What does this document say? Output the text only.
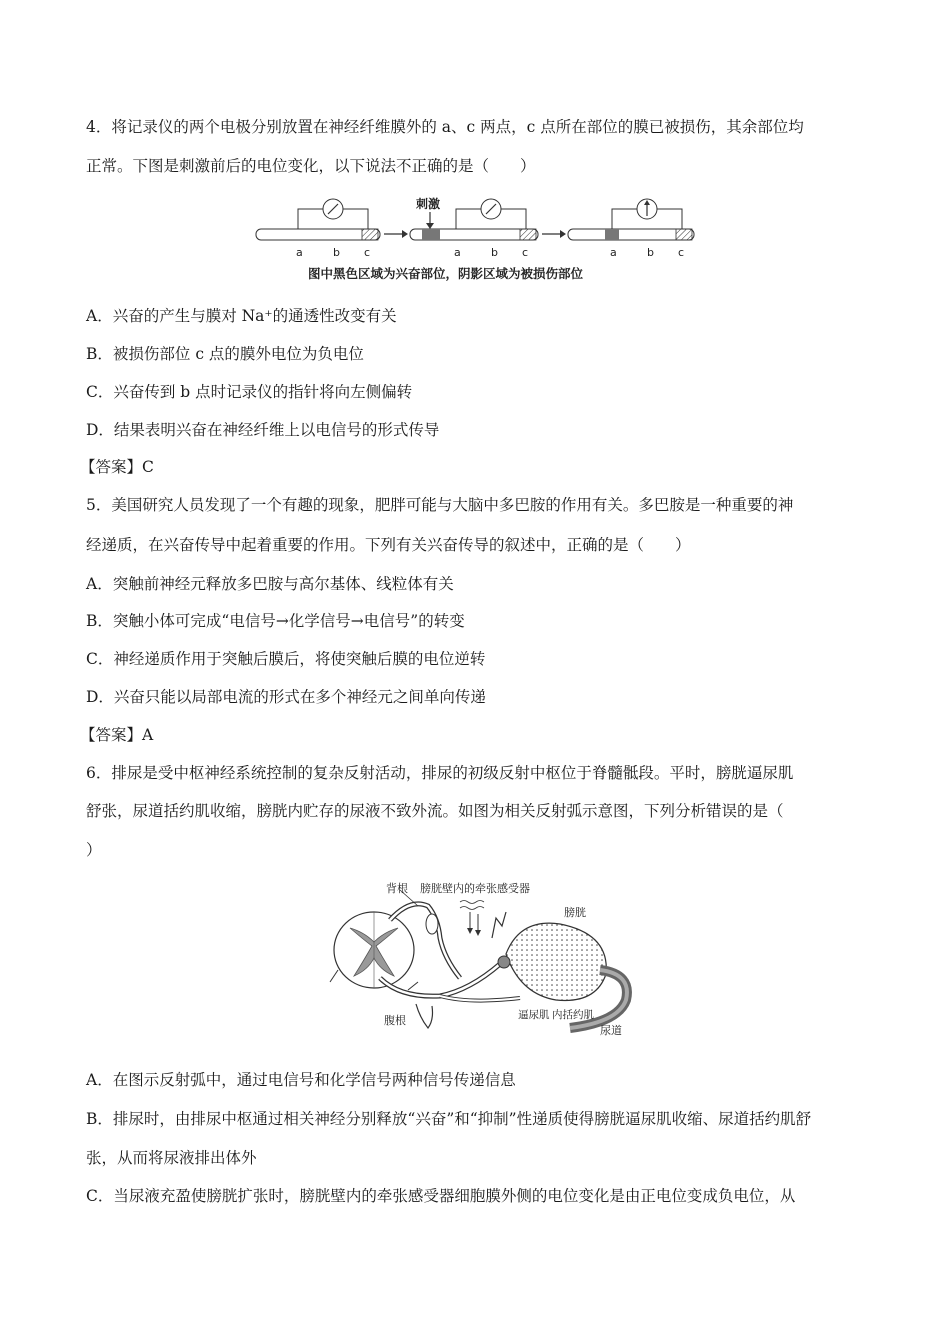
4．将记录仪的两个电极分别放置在神经纤维膜外的 a、c 两点，c 点所在部位的膜已被损伤，其余部位均
正常。下图是刺激前后的电位变化，以下说法不正确的是（　　）
a	b c
刺激
a	b c	a	b c
图中黑色区域为兴奋部位，阴影区域为被损伤部位
A．兴奋的产生与膜对 Na⁺的通透性改变有关
B．被损伤部位 c 点的膜外电位为负电位
C．兴奋传到 b 点时记录仪的指针将向左侧偏转
D．结果表明兴奋在神经纤维上以电信号的形式传导
【答案】C
5．美国研究人员发现了一个有趣的现象，肥胖可能与大脑中多巴胺的作用有关。多巴胺是一种重要的神
经递质，在兴奋传导中起着重要的作用。下列有关兴奋传导的叙述中，正确的是（　　）
A．突触前神经元释放多巴胺与高尔基体、线粒体有关
B．突触小体可完成“电信号→化学信号→电信号”的转变
C．神经递质作用于突触后膜后，将使突触后膜的电位逆转
D．兴奋只能以局部电流的形式在多个神经元之间单向传递
【答案】A
6．排尿是受中枢神经系统控制的复杂反射活动，排尿的初级反射中枢位于脊髓骶段。平时，膀胱逼尿肌
舒张，尿道括约肌收缩，膀胱内贮存的尿液不致外流。如图为相关反射弧示意图，下列分析错误的是（
）
背根
腹根
膀胱壁内的牵张感受器
膀胱
逼尿肌 内括约肌
尿道
A．在图示反射弧中，通过电信号和化学信号两种信号传递信息
B．排尿时，由排尿中枢通过相关神经分别释放“兴奋”和“抑制”性递质使得膀胱逼尿肌收缩、尿道括约肌舒
张，从而将尿液排出体外
C．当尿液充盈使膀胱扩张时，膀胱壁内的牵张感受器细胞膜外侧的电位变化是由正电位变成负电位，从
